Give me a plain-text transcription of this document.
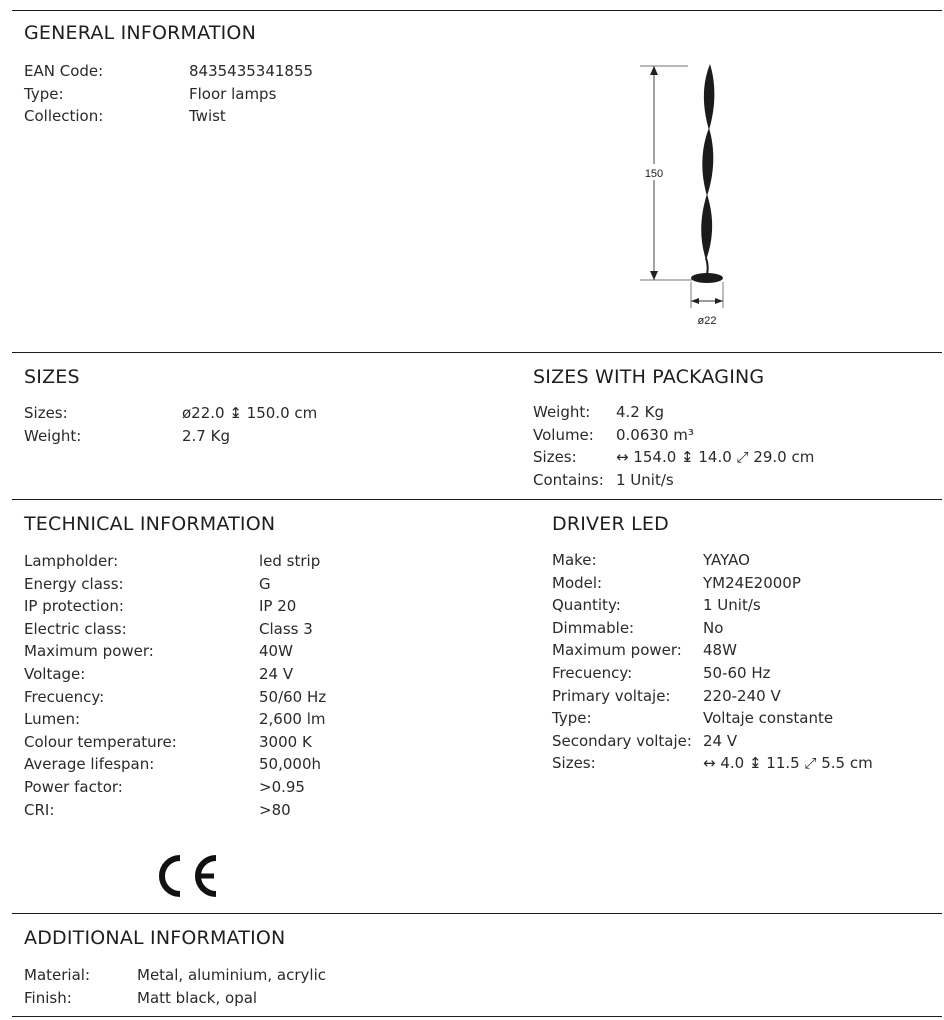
GENERAL INFORMATION
EAN Code:	8435435341855
Type:	Floor lamps
Collection:	Twist
150
ø22
SIZES
Sizes:	ø22.0 ↨ 150.0 cm
Weight:	2.7 Kg
SIZES WITH PACKAGING
Weight: 4.2 Kg
Volume: 0.0630 m³
Sizes:	↔ 154.0 ↨ 14.0 ⤢ 29.0 cm
Contains: 1 Unit/s
TECHNICAL INFORMATION
Lampholder:	led strip
Energy class:	G
IP protection:	IP 20
Electric class:	Class 3
Maximum power:	40W
Voltage:	24 V
Frecuency:	50/60 Hz
Lumen:	2,600 lm
Colour temperature:	3000 K
Average lifespan:	50,000h
Power factor:	>0.95
CRI:	>80
DRIVER LED
Make:	YAYAO
Model:	YM24E2000P
Quantity:	1 Unit/s
Dimmable:	No
Maximum power: 48W
Frecuency:	50-60 Hz
Primary voltaje: 220-240 V
Type:	Voltaje constante
Secondary voltaje: 24 V
Sizes:	↔ 4.0 ↨ 11.5 ⤢ 5.5 cm
ADDITIONAL INFORMATION
Material:	Metal, aluminium, acrylic
Finish:	Matt black, opal
